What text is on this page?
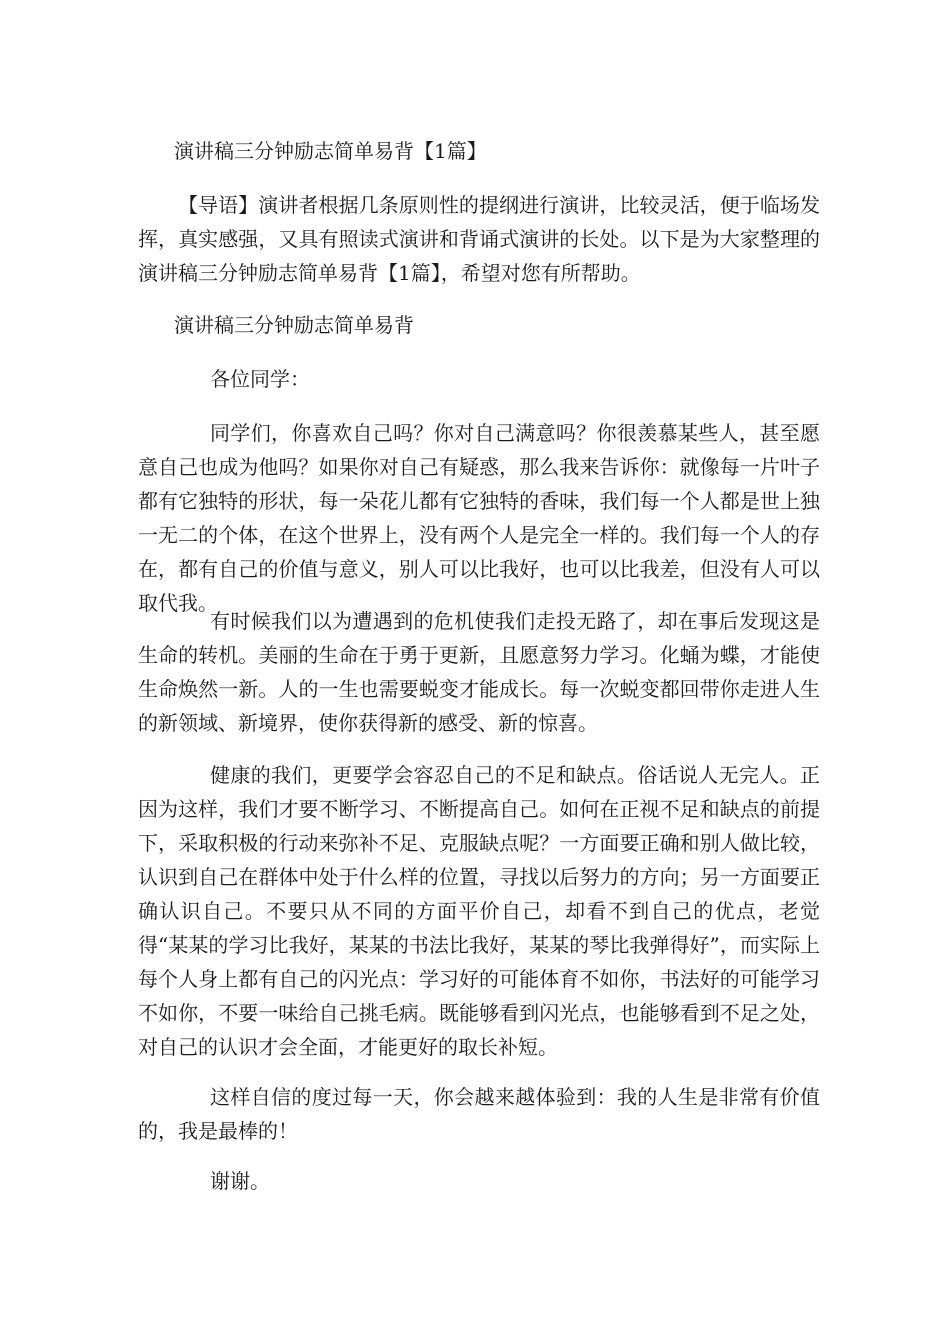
演讲稿三分钟励志简单易背【1篇】

【导语】演讲者根据几条原则性的提纲进行演讲，比较灵活，便于临场发挥，真实感强，又具有照读式演讲和背诵式演讲的长处。以下是为大家整理的演讲稿三分钟励志简单易背【1篇】，希望对您有所帮助。

演讲稿三分钟励志简单易背

各位同学：

同学们，你喜欢自己吗？你对自己满意吗？你很羡慕某些人，甚至愿意自己也成为他吗？如果你对自己有疑惑，那么我来告诉你：就像每一片叶子都有它独特的形状，每一朵花儿都有它独特的香味，我们每一个人都是世上独一无二的个体，在这个世界上，没有两个人是完全一样的。我们每一个人的存在，都有自己的价值与意义，别人可以比我好，也可以比我差，但没有人可以取代我。

有时候我们以为遭遇到的危机使我们走投无路了，却在事后发现这是生命的转机。美丽的生命在于勇于更新，且愿意努力学习。化蛹为蝶，才能使生命焕然一新。人的一生也需要蜕变才能成长。每一次蜕变都回带你走进人生的新领域、新境界，使你获得新的感受、新的惊喜。

健康的我们，更要学会容忍自己的不足和缺点。俗话说人无完人。正因为这样，我们才要不断学习、不断提高自己。如何在正视不足和缺点的前提下，采取积极的行动来弥补不足、克服缺点呢？一方面要正确和别人做比较，认识到自己在群体中处于什么样的位置，寻找以后努力的方向；另一方面要正确认识自己。不要只从不同的方面平价自己，却看不到自己的优点，老觉得“某某的学习比我好，某某的书法比我好，某某的琴比我弹得好”，而实际上每个人身上都有自己的闪光点：学习好的可能体育不如你，书法好的可能学习不如你，不要一味给自己挑毛病。既能够看到闪光点，也能够看到不足之处，对自己的认识才会全面，才能更好的取长补短。

这样自信的度过每一天，你会越来越体验到：我的人生是非常有价值的，我是最棒的！

谢谢。
